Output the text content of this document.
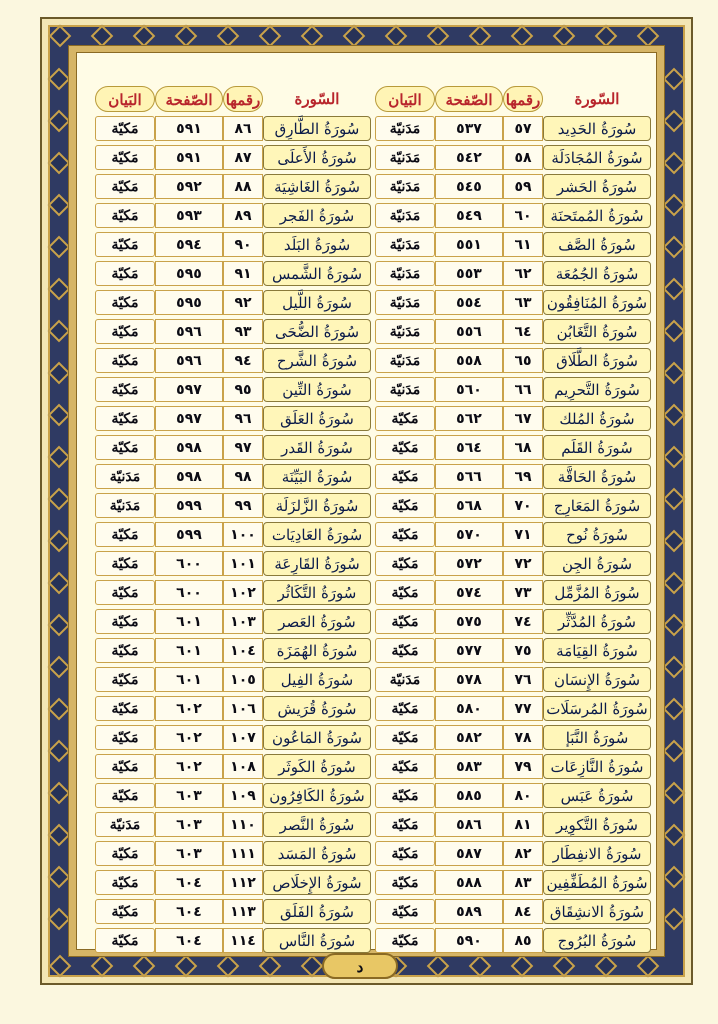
السّورة
رقمها
الصّفحة
البَيان
سُورَةُ الحَدِيد
٥٧
٥٣٧
مَدَنيّة
سُورَةُ المُجَادَلَة
٥٨
٥٤٢
مَدَنيّة
سُورَةُ الحَشر
٥٩
٥٤٥
مَدَنيّة
سُورَةُ المُمتَحنَة
٦٠
٥٤٩
مَدَنيّة
سُورَةُ الصَّف
٦١
٥٥١
مَدَنيّة
سُورَةُ الجُمُعَة
٦٢
٥٥٣
مَدَنيّة
سُورَةُ المُنَافِقُون
٦٣
٥٥٤
مَدَنيّة
سُورَةُ التَّغَابُن
٦٤
٥٥٦
مَدَنيّة
سُورَةُ الطَّلَاق
٦٥
٥٥٨
مَدَنيّة
سُورَةُ التَّحرِيم
٦٦
٥٦٠
مَدَنيّة
سُورَةُ المُلك
٦٧
٥٦٢
مَكيّة
سُورَةُ القَلَم
٦٨
٥٦٤
مَكيّة
سُورَةُ الحَاقَّة
٦٩
٥٦٦
مَكيّة
سُورَةُ المَعَارِج
٧٠
٥٦٨
مَكيّة
سُورَةُ نُوح
٧١
٥٧٠
مَكيّة
سُورَةُ الجِن
٧٢
٥٧٢
مَكيّة
سُورَةُ المُزَّمِّل
٧٣
٥٧٤
مَكيّة
سُورَةُ المُدَّثِّر
٧٤
٥٧٥
مَكيّة
سُورَةُ القِيَامَة
٧٥
٥٧٧
مَكيّة
سُورَةُ الإِنسَان
٧٦
٥٧٨
مَدَنيّة
سُورَةُ المُرسَلَات
٧٧
٥٨٠
مَكيّة
سُورَةُ النَّبَإ
٧٨
٥٨٢
مَكيّة
سُورَةُ النَّازِعَات
٧٩
٥٨٣
مَكيّة
سُورَةُ عَبَس
٨٠
٥٨٥
مَكيّة
سُورَةُ التَّكوِير
٨١
٥٨٦
مَكيّة
سُورَةُ الانفِطَار
٨٢
٥٨٧
مَكيّة
سُورَةُ المُطَفِّفِين
٨٣
٥٨٨
مَكيّة
سُورَةُ الانشِقَاق
٨٤
٥٨٩
مَكيّة
سُورَةُ البُرُوج
٨٥
٥٩٠
مَكيّة
السّورة
رقمها
الصّفحة
البَيان
سُورَةُ الطَّارِق
٨٦
٥٩١
مَكيّة
سُورَةُ الأَعلَى
٨٧
٥٩١
مَكيّة
سُورَةُ الغَاشِيَة
٨٨
٥٩٢
مَكيّة
سُورَةُ الفَجر
٨٩
٥٩٣
مَكيّة
سُورَةُ البَلَد
٩٠
٥٩٤
مَكيّة
سُورَةُ الشَّمس
٩١
٥٩٥
مَكيّة
سُورَةُ اللَّيل
٩٢
٥٩٥
مَكيّة
سُورَةُ الضُّحَى
٩٣
٥٩٦
مَكيّة
سُورَةُ الشَّرح
٩٤
٥٩٦
مَكيّة
سُورَةُ التِّين
٩٥
٥٩٧
مَكيّة
سُورَةُ العَلَق
٩٦
٥٩٧
مَكيّة
سُورَةُ القَدر
٩٧
٥٩٨
مَكيّة
سُورَةُ البَيِّنَة
٩٨
٥٩٨
مَدَنيّة
سُورَةُ الزَّلزَلَة
٩٩
٥٩٩
مَدَنيّة
سُورَةُ العَادِيَات
١٠٠
٥٩٩
مَكيّة
سُورَةُ القَارِعَة
١٠١
٦٠٠
مَكيّة
سُورَةُ التَّكَاثُر
١٠٢
٦٠٠
مَكيّة
سُورَةُ العَصر
١٠٣
٦٠١
مَكيّة
سُورَةُ الهُمَزَة
١٠٤
٦٠١
مَكيّة
سُورَةُ الفِيل
١٠٥
٦٠١
مَكيّة
سُورَةُ قُرَيش
١٠٦
٦٠٢
مَكيّة
سُورَةُ المَاعُون
١٠٧
٦٠٢
مَكيّة
سُورَةُ الكَوثَر
١٠٨
٦٠٢
مَكيّة
سُورَةُ الكَافِرُون
١٠٩
٦٠٣
مَكيّة
سُورَةُ النَّصر
١١٠
٦٠٣
مَدَنيّة
سُورَةُ المَسَد
١١١
٦٠٣
مَكيّة
سُورَةُ الإِخلَاص
١١٢
٦٠٤
مَكيّة
سُورَةُ الفَلَق
١١٣
٦٠٤
مَكيّة
سُورَةُ النَّاس
١١٤
٦٠٤
مَكيّة
د
